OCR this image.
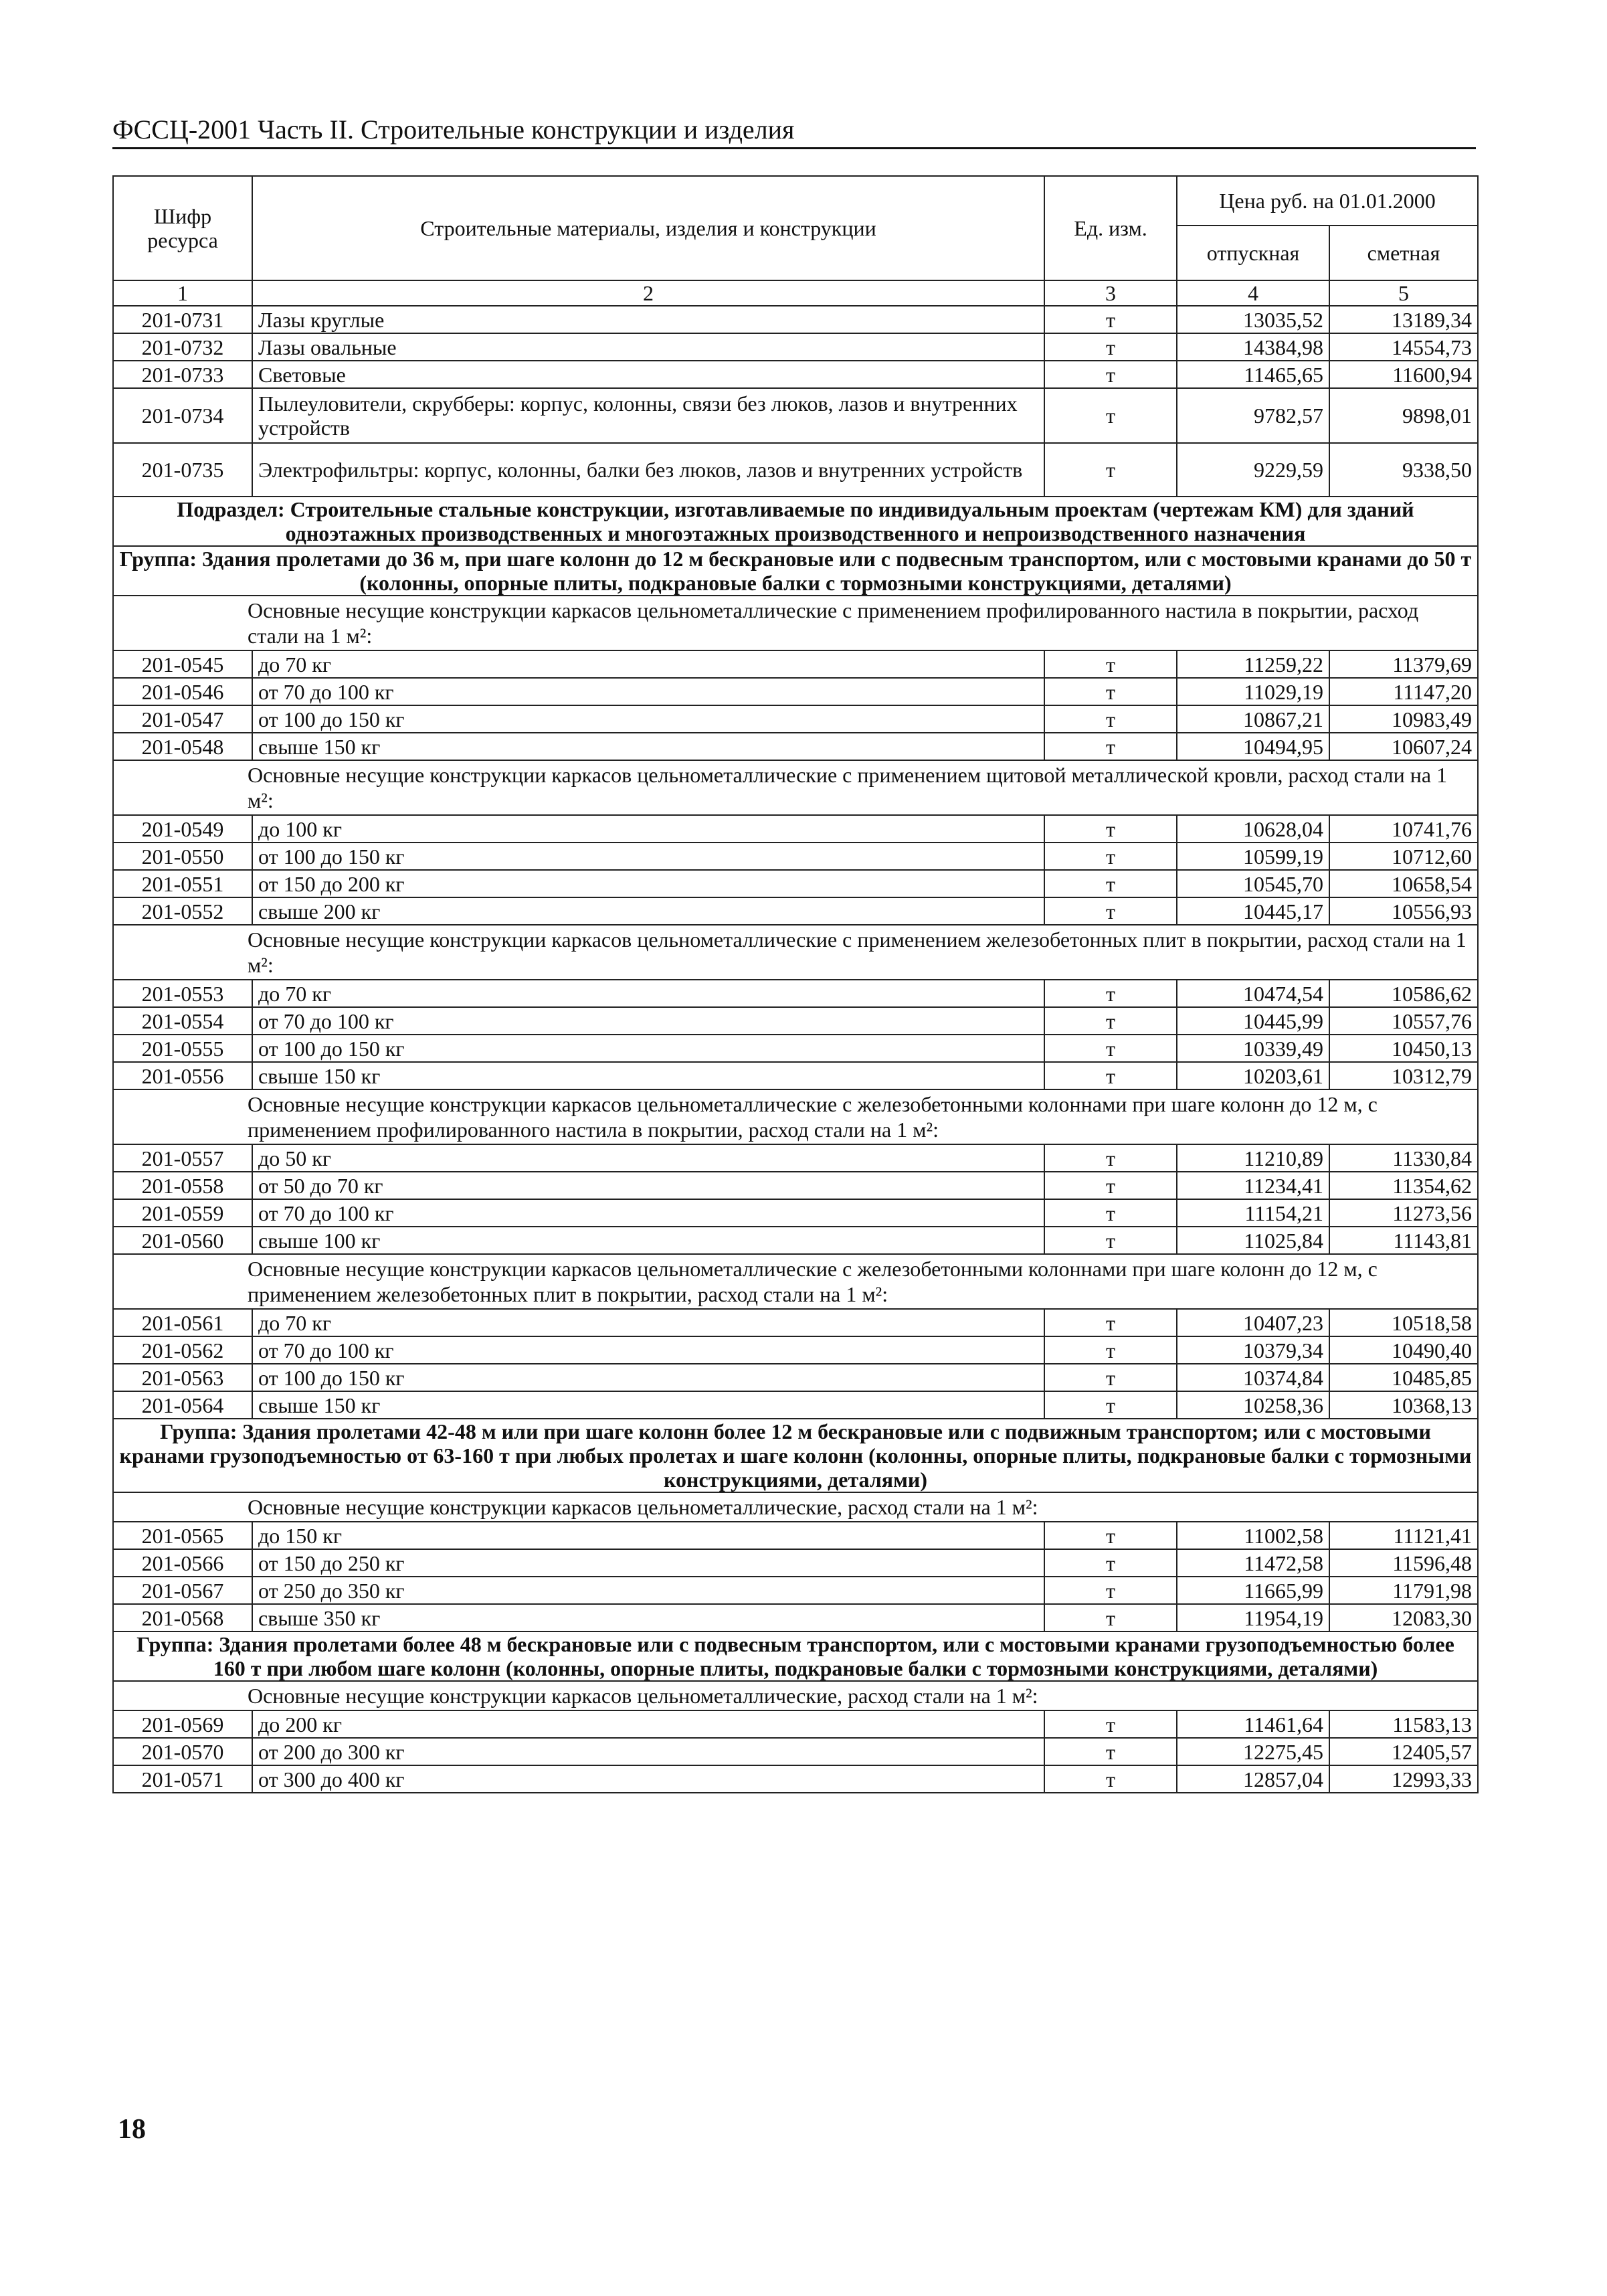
ФССЦ-2001 Часть II. Строительные конструкции и изделия
Шифр ресурса	Строительные материалы, изделия и конструкции	Ед. изм.	Цена руб. на 01.01.2000	
			отпускная	сметная
1	2	3	4	5
201-0731	Лазы круглые	т	13035,52	13189,34
201-0732	Лазы овальные	т	14384,98	14554,73
201-0733	Световые	т	11465,65	11600,94
201-0734	Пылеуловители, скрубберы: корпус, колонны, связи без люков, лазов и внутренних устройств	т	9782,57	9898,01
201-0735	Электрофильтры: корпус, колонны, балки без люков, лазов и внутренних устройств	т	9229,59	9338,50
Подраздел: Строительные стальные конструкции, изготавливаемые по индивидуальным проектам (чертежам КМ) для зданий одноэтажных производственных и многоэтажных производственного и непроизводственного назначения				
Группа: Здания пролетами до 36 м, при шаге колонн до 12 м бескрановые или с подвесным транспортом, или с мостовыми кранами до 50 т (колонны, опорные плиты, подкрановые балки с тормозными конструкциями, деталями)				
Основные несущие конструкции каркасов цельнометаллические с применением профилированного настила в покрытии, расход стали на 1 м²:				
201-0545	до 70 кг	т	11259,22	11379,69
201-0546	от 70 до 100 кг	т	11029,19	11147,20
201-0547	от 100 до 150 кг	т	10867,21	10983,49
201-0548	свыше 150 кг	т	10494,95	10607,24
Основные несущие конструкции каркасов цельнометаллические с применением щитовой металлической кровли, расход стали на 1 м²:				
201-0549	до 100 кг	т	10628,04	10741,76
201-0550	от 100 до 150 кг	т	10599,19	10712,60
201-0551	от 150 до 200 кг	т	10545,70	10658,54
201-0552	свыше 200 кг	т	10445,17	10556,93
Основные несущие конструкции каркасов цельнометаллические с применением железобетонных плит в покрытии, расход стали на 1 м²:				
201-0553	до 70 кг	т	10474,54	10586,62
201-0554	от 70 до 100 кг	т	10445,99	10557,76
201-0555	от 100 до 150 кг	т	10339,49	10450,13
201-0556	свыше 150 кг	т	10203,61	10312,79
Основные несущие конструкции каркасов цельнометаллические с железобетонными колоннами при шаге колонн до 12 м, с применением профилированного настила в покрытии, расход стали на 1 м²:				
201-0557	до 50 кг	т	11210,89	11330,84
201-0558	от 50 до 70 кг	т	11234,41	11354,62
201-0559	от 70 до 100 кг	т	11154,21	11273,56
201-0560	свыше 100 кг	т	11025,84	11143,81
Основные несущие конструкции каркасов цельнометаллические с железобетонными колоннами при шаге колонн до 12 м, с применением железобетонных плит в покрытии, расход стали на 1 м²:				
201-0561	до 70 кг	т	10407,23	10518,58
201-0562	от 70 до 100 кг	т	10379,34	10490,40
201-0563	от 100 до 150 кг	т	10374,84	10485,85
201-0564	свыше 150 кг	т	10258,36	10368,13
Группа: Здания пролетами 42-48 м или при шаге колонн более 12 м бескрановые или с подвижным транспортом; или с мостовыми кранами грузоподъемностью от 63-160 т при любых пролетах и шаге колонн (колонны, опорные плиты, подкрановые балки с тормозными конструкциями, деталями)				
Основные несущие конструкции каркасов цельнометаллические, расход стали на 1 м²:				
201-0565	до 150 кг	т	11002,58	11121,41
201-0566	от 150 до 250 кг	т	11472,58	11596,48
201-0567	от 250 до 350 кг	т	11665,99	11791,98
201-0568	свыше 350 кг	т	11954,19	12083,30
Группа: Здания пролетами более 48 м бескрановые или с подвесным транспортом, или с мостовыми кранами грузоподъемностью более 160 т при любом шаге колонн (колонны, опорные плиты, подкрановые балки с тормозными конструкциями, деталями)				
Основные несущие конструкции каркасов цельнометаллические, расход стали на 1 м²:				
201-0569	до 200 кг	т	11461,64	11583,13
201-0570	от 200 до 300 кг	т	12275,45	12405,57
201-0571	от 300 до 400 кг	т	12857,04	12993,33
18
